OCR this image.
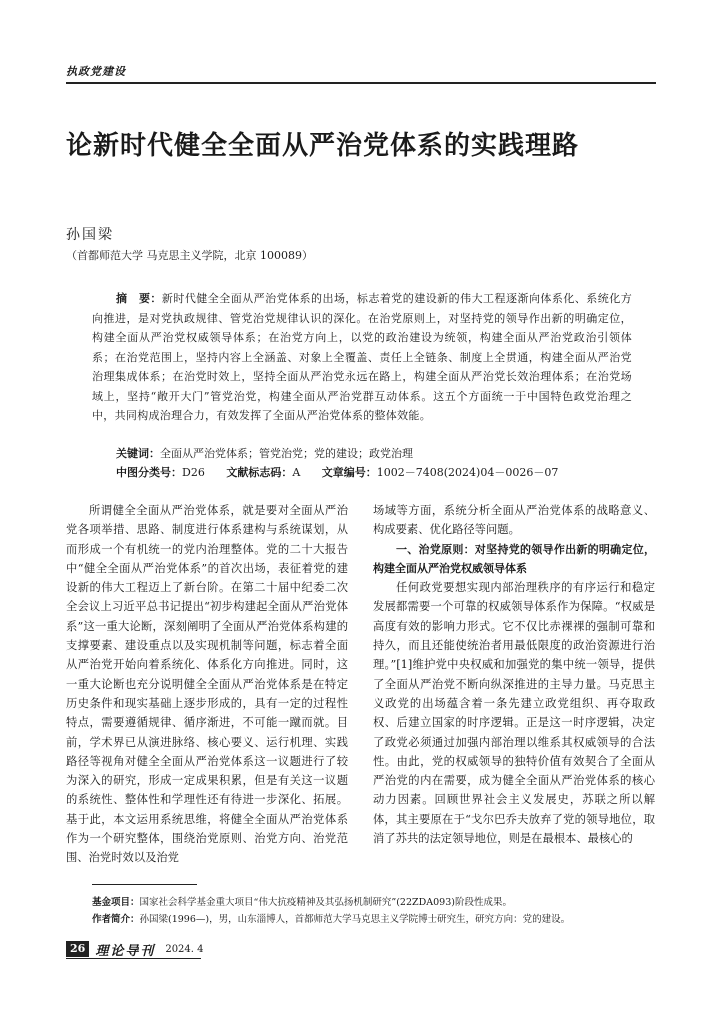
执政党建设
论新时代健全全面从严治党体系的实践理路
孙国梁
（首都师范大学 马克思主义学院，北京 100089）
摘　要：新时代健全全面从严治党体系的出场，标志着党的建设新的伟大工程逐渐向体系化、系统化方向推进，是对党执政规律、管党治党规律认识的深化。在治党原则上，对坚持党的领导作出新的明确定位，构建全面从严治党权威领导体系；在治党方向上，以党的政治建设为统领，构建全面从严治党政治引领体系；在治党范围上，坚持内容上全涵盖、对象上全覆盖、责任上全链条、制度上全贯通，构建全面从严治党治理集成体系；在治党时效上，坚持全面从严治党永远在路上，构建全面从严治党长效治理体系；在治党场域上，坚持“敞开大门”管党治党，构建全面从严治党群互动体系。这五个方面统一于中国特色政党治理之中，共同构成治理合力，有效发挥了全面从严治党体系的整体效能。
关键词：全面从严治党体系；管党治党；党的建设；政党治理
中图分类号：D26 文献标志码：A 文章编号：1002－7408(2024)04－0026－07

所谓健全全面从严治党体系，就是要对全面从严治党各项举措、思路、制度进行体系建构与系统谋划，从而形成一个有机统一的党内治理整体。党的二十大报告中“健全全面从严治党体系”的首次出场，表征着党的建设新的伟大工程迈上了新台阶。在第二十届中纪委二次全会议上习近平总书记提出“初步构建起全面从严治党体系”这一重大论断，深刻阐明了全面从严治党体系构建的支撑要素、建设重点以及实现机制等问题，标志着全面从严治党开始向着系统化、体系化方向推进。同时，这一重大论断也充分说明健全全面从严治党体系是在特定历史条件和现实基础上逐步形成的，具有一定的过程性特点，需要遵循规律、循序渐进，不可能一蹴而就。目前，学术界已从演进脉络、核心要义、运行机理、实践路径等视角对健全全面从严治党体系这一议题进行了较为深入的研究，形成一定成果积累，但是有关这一议题的系统性、整体性和学理性还有待进一步深化、拓展。基于此，本文运用系统思维，将健全全面从严治党体系作为一个研究整体，围绕治党原则、治党方向、治党范围、治党时效以及治党

场域等方面，系统分析全面从严治党体系的战略意义、构成要素、优化路径等问题。

一、治党原则：对坚持党的领导作出新的明确定位，构建全面从严治党权威领导体系

任何政党要想实现内部治理秩序的有序运行和稳定发展都需要一个可靠的权威领导体系作为保障。“权威是高度有效的影响力形式。它不仅比赤裸裸的强制可靠和持久，而且还能使统治者用最低限度的政治资源进行治理。”[1]维护党中央权威和加强党的集中统一领导，提供了全面从严治党不断向纵深推进的主导力量。马克思主义政党的出场蕴含着一条先建立政党组织、再夺取政权、后建立国家的时序逻辑。正是这一时序逻辑，决定了政党必须通过加强内部治理以维系其权威领导的合法性。由此，党的权威领导的独特价值有效契合了全面从严治党的内在需要，成为健全全面从严治党体系的核心动力因素。回顾世界社会主义发展史，苏联之所以解体，其主要原在于“戈尔巴乔夫放弃了党的领导地位，取消了苏共的法定领导地位，则是在最根本、最核心的

基金项目：国家社会科学基金重大项目“伟大抗疫精神及其弘扬机制研究”(22ZDA093)阶段性成果。
作者简介：孙国梁(1996—)，男，山东淄博人，首都师范大学马克思主义学院博士研究生，研究方向：党的建设。
26 理论导刊 2024. 4
